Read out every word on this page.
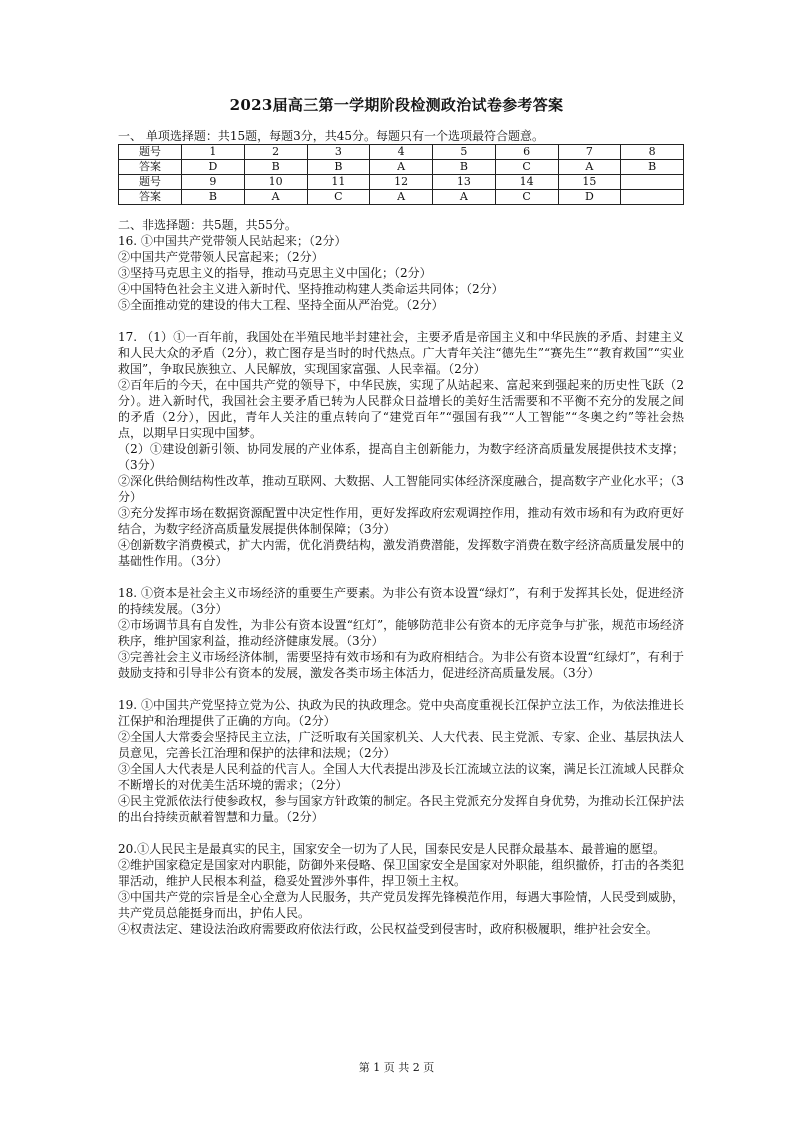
2023届高三第一学期阶段检测政治试卷参考答案

一、 单项选择题：共15题，每题3分，共45分。每题只有一个选项最符合题意。

题号	1	2	3	4	5	6	7	8
答案	D	B	B	A	B	C	A	B
题号	9	10	11	12	13	14	15	
答案	B	A	C	A	A	C	D	

二、非选择题：共5题，共55分。

16. ①中国共产党带领人民站起来；（2分）

②中国共产党带领人民富起来；（2分）

③坚持马克思主义的指导，推动马克思主义中国化；（2分）

④中国特色社会主义进入新时代、坚持推动构建人类命运共同体；（2分）

⑤全面推动党的建设的伟大工程、坚持全面从严治党。（2分）

17. （1）①一百年前，我国处在半殖民地半封建社会，主要矛盾是帝国主义和中华民族的矛盾、封建主义和人民大众的矛盾（2分），救亡图存是当时的时代热点。广大青年关注“德先生”“赛先生”“教育救国”“实业救国”，争取民族独立、人民解放，实现国家富强、人民幸福。（2分）

②百年后的今天，在中国共产党的领导下，中华民族，实现了从站起来、富起来到强起来的历史性飞跃（2分）。进入新时代，我国社会主要矛盾已转为人民群众日益增长的美好生活需要和不平衡不充分的发展之间的矛盾（2分），因此，青年人关注的重点转向了“建党百年”“强国有我”“人工智能”“冬奥之约”等社会热点，以期早日实现中国梦。

（2）①建设创新引领、协同发展的产业体系，提高自主创新能力，为数字经济高质量发展提供技术支撑；（3分）

②深化供给侧结构性改革，推动互联网、大数据、人工智能同实体经济深度融合，提高数字产业化水平；（3分）

③充分发挥市场在数据资源配置中决定性作用，更好发挥政府宏观调控作用，推动有效市场和有为政府更好结合，为数字经济高质量发展提供体制保障；（3分）

④创新数字消费模式，扩大内需，优化消费结构，激发消费潜能，发挥数字消费在数字经济高质量发展中的基础性作用。（3分）

18. ①资本是社会主义市场经济的重要生产要素。为非公有资本设置“绿灯”，有利于发挥其长处，促进经济的持续发展。（3分）

②市场调节具有自发性，为非公有资本设置“红灯”，能够防范非公有资本的无序竞争与扩张，规范市场经济秩序，维护国家利益，推动经济健康发展。（3分）

③完善社会主义市场经济体制，需要坚持有效市场和有为政府相结合。为非公有资本设置“红绿灯”，有利于鼓励支持和引导非公有资本的发展，激发各类市场主体活力，促进经济高质量发展。（3分）

19. ①中国共产党坚持立党为公、执政为民的执政理念。党中央高度重视长江保护立法工作，为依法推进长江保护和治理提供了正确的方向。（2分）

②全国人大常委会坚持民主立法，广泛听取有关国家机关、人大代表、民主党派、专家、企业、基层执法人员意见，完善长江治理和保护的法律和法规；（2分）

③全国人大代表是人民利益的代言人。全国人大代表提出涉及长江流域立法的议案，满足长江流域人民群众不断增长的对优美生活环境的需求；（2分）

④民主党派依法行使参政权，参与国家方针政策的制定。各民主党派充分发挥自身优势，为推动长江保护法的出台持续贡献着智慧和力量。（2分）

20.①人民民主是最真实的民主，国家安全一切为了人民，国泰民安是人民群众最基本、最普遍的愿望。

②维护国家稳定是国家对内职能，防御外来侵略、保卫国家安全是国家对外职能，组织撤侨，打击的各类犯罪活动，维护人民根本利益，稳妥处置涉外事件，捍卫领土主权。

③中国共产党的宗旨是全心全意为人民服务，共产党员发挥先锋模范作用，每遇大事险情，人民受到威胁，共产党员总能挺身而出，护佑人民。

④权责法定、建设法治政府需要政府依法行政，公民权益受到侵害时，政府积极履职，维护社会安全。

第 1 页 共 2 页
